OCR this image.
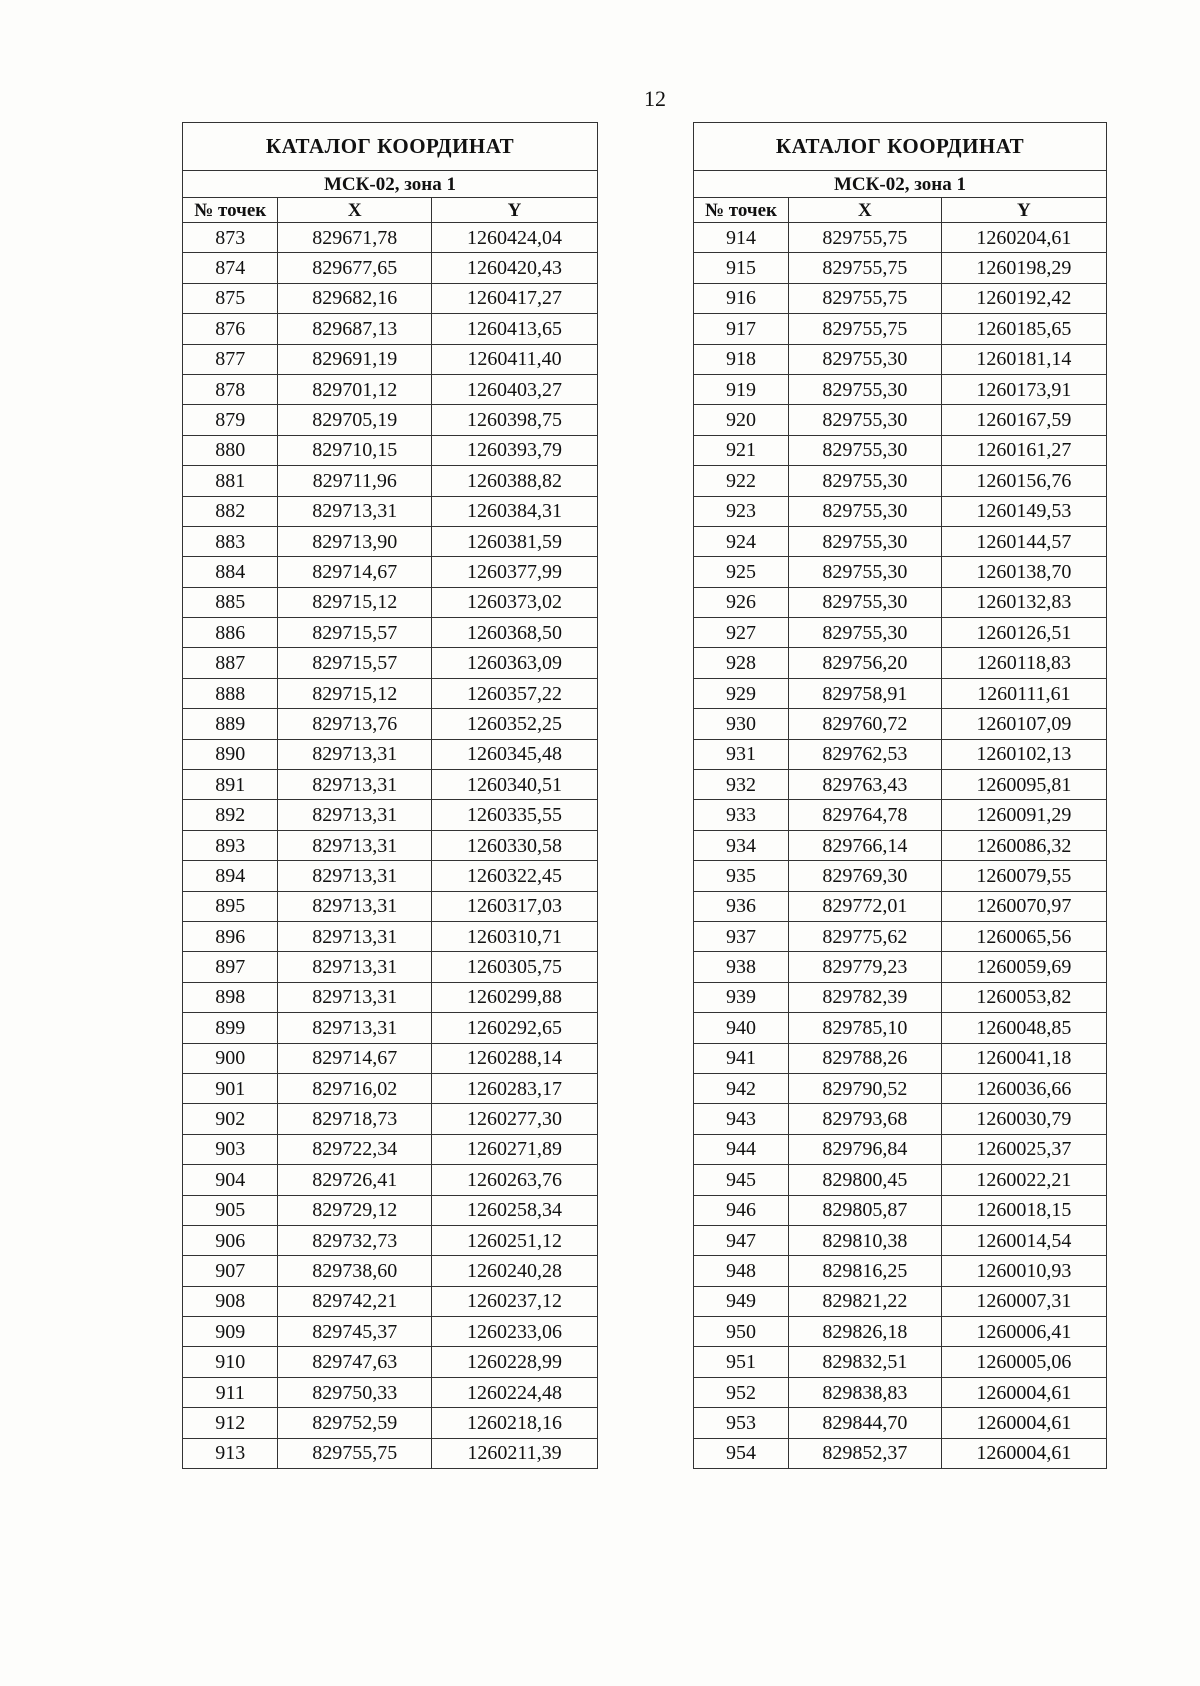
12
КАТАЛОГ КООРДИНАТ		
МСК-02, зона 1		
№ точек	X	Y
873	829671,78	1260424,04
874	829677,65	1260420,43
875	829682,16	1260417,27
876	829687,13	1260413,65
877	829691,19	1260411,40
878	829701,12	1260403,27
879	829705,19	1260398,75
880	829710,15	1260393,79
881	829711,96	1260388,82
882	829713,31	1260384,31
883	829713,90	1260381,59
884	829714,67	1260377,99
885	829715,12	1260373,02
886	829715,57	1260368,50
887	829715,57	1260363,09
888	829715,12	1260357,22
889	829713,76	1260352,25
890	829713,31	1260345,48
891	829713,31	1260340,51
892	829713,31	1260335,55
893	829713,31	1260330,58
894	829713,31	1260322,45
895	829713,31	1260317,03
896	829713,31	1260310,71
897	829713,31	1260305,75
898	829713,31	1260299,88
899	829713,31	1260292,65
900	829714,67	1260288,14
901	829716,02	1260283,17
902	829718,73	1260277,30
903	829722,34	1260271,89
904	829726,41	1260263,76
905	829729,12	1260258,34
906	829732,73	1260251,12
907	829738,60	1260240,28
908	829742,21	1260237,12
909	829745,37	1260233,06
910	829747,63	1260228,99
911	829750,33	1260224,48
912	829752,59	1260218,16
913	829755,75	1260211,39
КАТАЛОГ КООРДИНАТ		
МСК-02, зона 1		
№ точек	X	Y
914	829755,75	1260204,61
915	829755,75	1260198,29
916	829755,75	1260192,42
917	829755,75	1260185,65
918	829755,30	1260181,14
919	829755,30	1260173,91
920	829755,30	1260167,59
921	829755,30	1260161,27
922	829755,30	1260156,76
923	829755,30	1260149,53
924	829755,30	1260144,57
925	829755,30	1260138,70
926	829755,30	1260132,83
927	829755,30	1260126,51
928	829756,20	1260118,83
929	829758,91	1260111,61
930	829760,72	1260107,09
931	829762,53	1260102,13
932	829763,43	1260095,81
933	829764,78	1260091,29
934	829766,14	1260086,32
935	829769,30	1260079,55
936	829772,01	1260070,97
937	829775,62	1260065,56
938	829779,23	1260059,69
939	829782,39	1260053,82
940	829785,10	1260048,85
941	829788,26	1260041,18
942	829790,52	1260036,66
943	829793,68	1260030,79
944	829796,84	1260025,37
945	829800,45	1260022,21
946	829805,87	1260018,15
947	829810,38	1260014,54
948	829816,25	1260010,93
949	829821,22	1260007,31
950	829826,18	1260006,41
951	829832,51	1260005,06
952	829838,83	1260004,61
953	829844,70	1260004,61
954	829852,37	1260004,61
